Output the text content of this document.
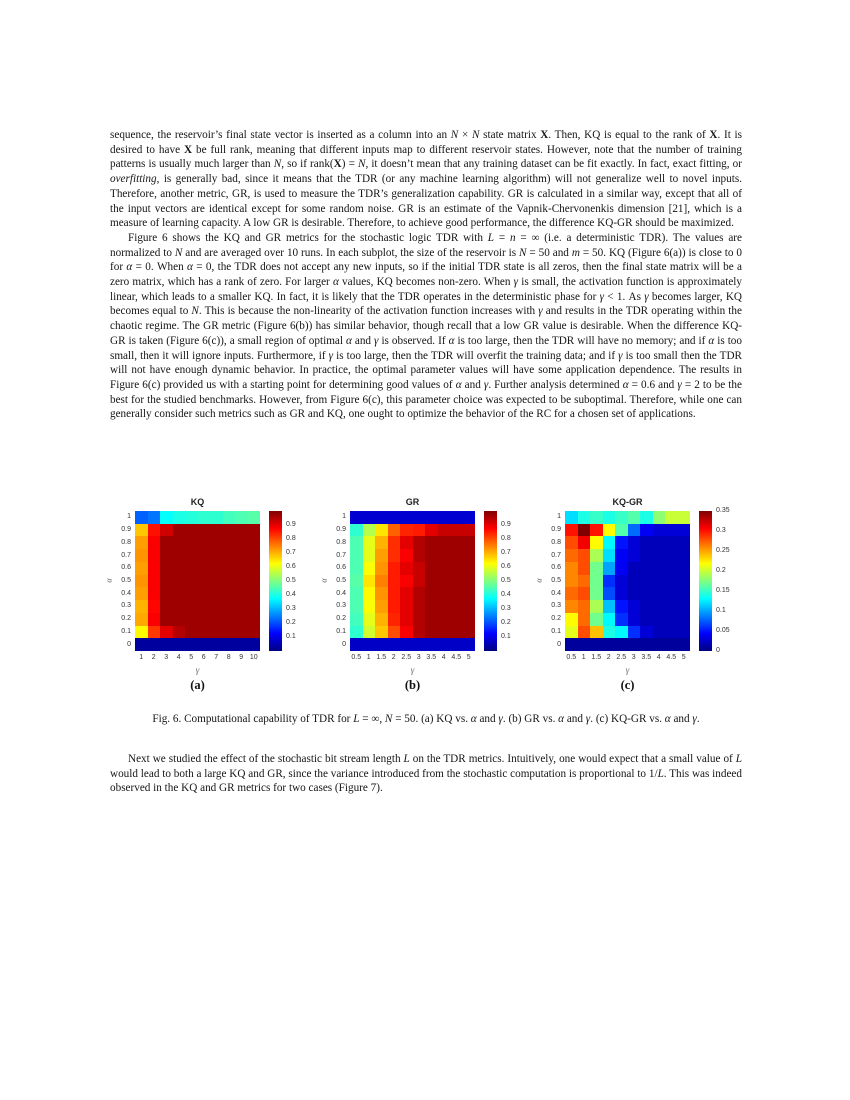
sequence, the reservoir’s final state vector is inserted as a column into an N × N state matrix X. Then, KQ is equal to the rank of X. It is desired to have X be full rank, meaning that different inputs map to different reservoir states. However, note that the number of training patterns is usually much larger than N, so if rank(X) = N, it doesn’t mean that any training dataset can be fit exactly. In fact, exact fitting, or overfitting, is generally bad, since it means that the TDR (or any machine learning algorithm) will not generalize well to novel inputs. Therefore, another metric, GR, is used to measure the TDR’s generalization capability. GR is calculated in a similar way, except that all of the input vectors are identical except for some random noise. GR is an estimate of the Vapnik-Chervonenkis dimension [21], which is a measure of learning capacity. A low GR is desirable. Therefore, to achieve good performance, the difference KQ-GR should be maximized.

Figure 6 shows the KQ and GR metrics for the stochastic logic TDR with L = n = ∞ (i.e. a deterministic TDR). The values are normalized to N and are averaged over 10 runs. In each subplot, the size of the reservoir is N = 50 and m = 50. KQ (Figure 6(a)) is close to 0 for α = 0. When α = 0, the TDR does not accept any new inputs, so if the initial TDR state is all zeros, then the final state matrix will be a zero matrix, which has a rank of zero. For larger α values, KQ becomes non-zero. When γ is small, the activation function is approximately linear, which leads to a smaller KQ. In fact, it is likely that the TDR operates in the deterministic phase for γ < 1. As γ becomes larger, KQ becomes equal to N. This is because the non-linearity of the activation function increases with γ and results in the TDR operating within the chaotic regime. The GR metric (Figure 6(b)) has similar behavior, though recall that a low GR value is desirable. When the difference KQ-GR is taken (Figure 6(c)), a small region of optimal α and γ is observed. If α is too large, then the TDR will have no memory; and if α is too small, then it will ignore inputs. Furthermore, if γ is too large, then the TDR will overfit the training data; and if γ is too small then the TDR will not have enough dynamic behavior. In practice, the optimal parameter values will have some application dependence. The results in Figure 6(c) provided us with a starting point for determining good values of α and γ. Further analysis determined α = 0.6 and γ = 2 to be the best for the studied benchmarks. However, from Figure 6(c), this parameter choice was expected to be suboptimal. Therefore, while one can generally consider such metrics such as GR and KQ, one ought to optimize the behavior of the RC for a chosen set of applications.

KQ
1
0.9
0.8
0.7
0.6
0.5
0.4
0.3
0.2
0.1
0
α
1	2	3	4	5	6	7	8	9 10
γ
(a)
0.9
0.8
0.7
0.6
0.5
0.4
0.3
0.2
0.1
GR
1
0.9
0.8
0.7
0.6
0.5
0.4
0.3
0.2
0.1
0
α
0.5 1 1.5 2 2.5 3 3.5 4 4.5 5
γ
(b)
0.9
0.8
0.7
0.6
0.5
0.4
0.3
0.2
0.1
KQ-GR
1
0.9
0.8
0.7
0.6
0.5
0.4
0.3
0.2
0.1
0
α
0.5 1 1.5 2 2.5 3 3.5 4 4.5 5
γ
(c)
0.35
0.3
0.25
0.2
0.15
0.1
0.05
0

Fig. 6. Computational capability of TDR for L = ∞, N = 50. (a) KQ vs. α and γ. (b) GR vs. α and γ. (c) KQ-GR vs. α and γ.

Next we studied the effect of the stochastic bit stream length L on the TDR metrics. Intuitively, one would expect that a small value of L would lead to both a large KQ and GR, since the variance introduced from the stochastic computation is proportional to 1/L. This was indeed observed in the KQ and GR metrics for two cases (Figure 7).
